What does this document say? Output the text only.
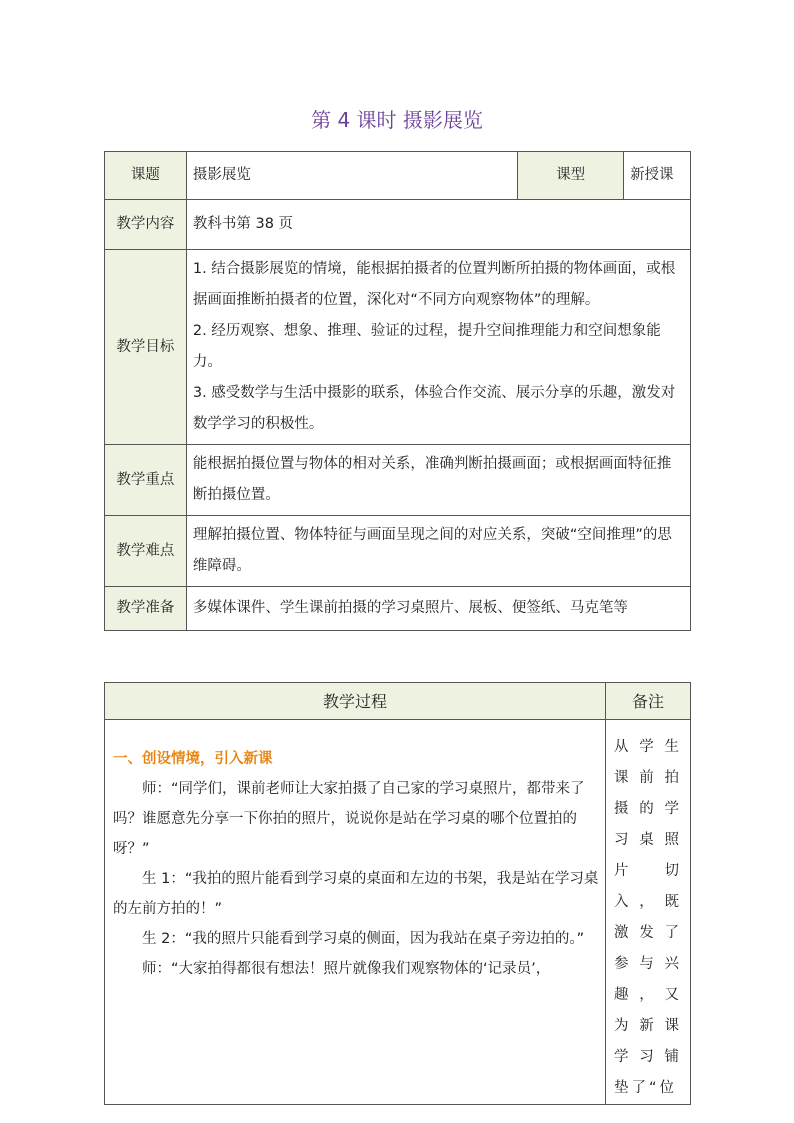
第 4 课时 摄影展览
课题	摄影展览	课型	新授课
教学内容	教科书第 38 页		
教学目标	1. 结合摄影展览的情境，能根据拍摄者的位置判断所拍摄的物体画面，或根据画面推断拍摄者的位置，深化对“不同方向观察物体”的理解。

2. 经历观察、想象、推理、验证的过程，提升空间推理能力和空间想象能力。

3. 感受数学与生活中摄影的联系，体验合作交流、展示分享的乐趣，激发对数学学习的积极性。		

教学重点	能根据拍摄位置与物体的相对关系，准确判断拍摄画面；或根据画面特征推断拍摄位置。		
教学难点	理解拍摄位置、物体特征与画面呈现之间的对应关系，突破“空间推理”的思维障碍。		
教学准备	多媒体课件、学生课前拍摄的学习桌照片、展板、便签纸、马克笔等		
教学过程	备注

一、创设情境，引入新课

师：“同学们，课前老师让大家拍摄了自己家的学习桌照片，都带来了吗？谁愿意先分享一下你拍的照片，说说你是站在学习桌的哪个位置拍的呀？”

生 1：“我拍的照片能看到学习桌的桌面和左边的书架，我是站在学习桌的左前方拍的！”

生 2：“我的照片只能看到学习桌的侧面，因为我站在桌子旁边拍的。”

师：“大家拍得都很有想法！照片就像我们观察物体的‘记录员’，	从学生课前拍摄的学习桌照片切入，既激发了参与兴趣，又为新课学习铺垫了“位
